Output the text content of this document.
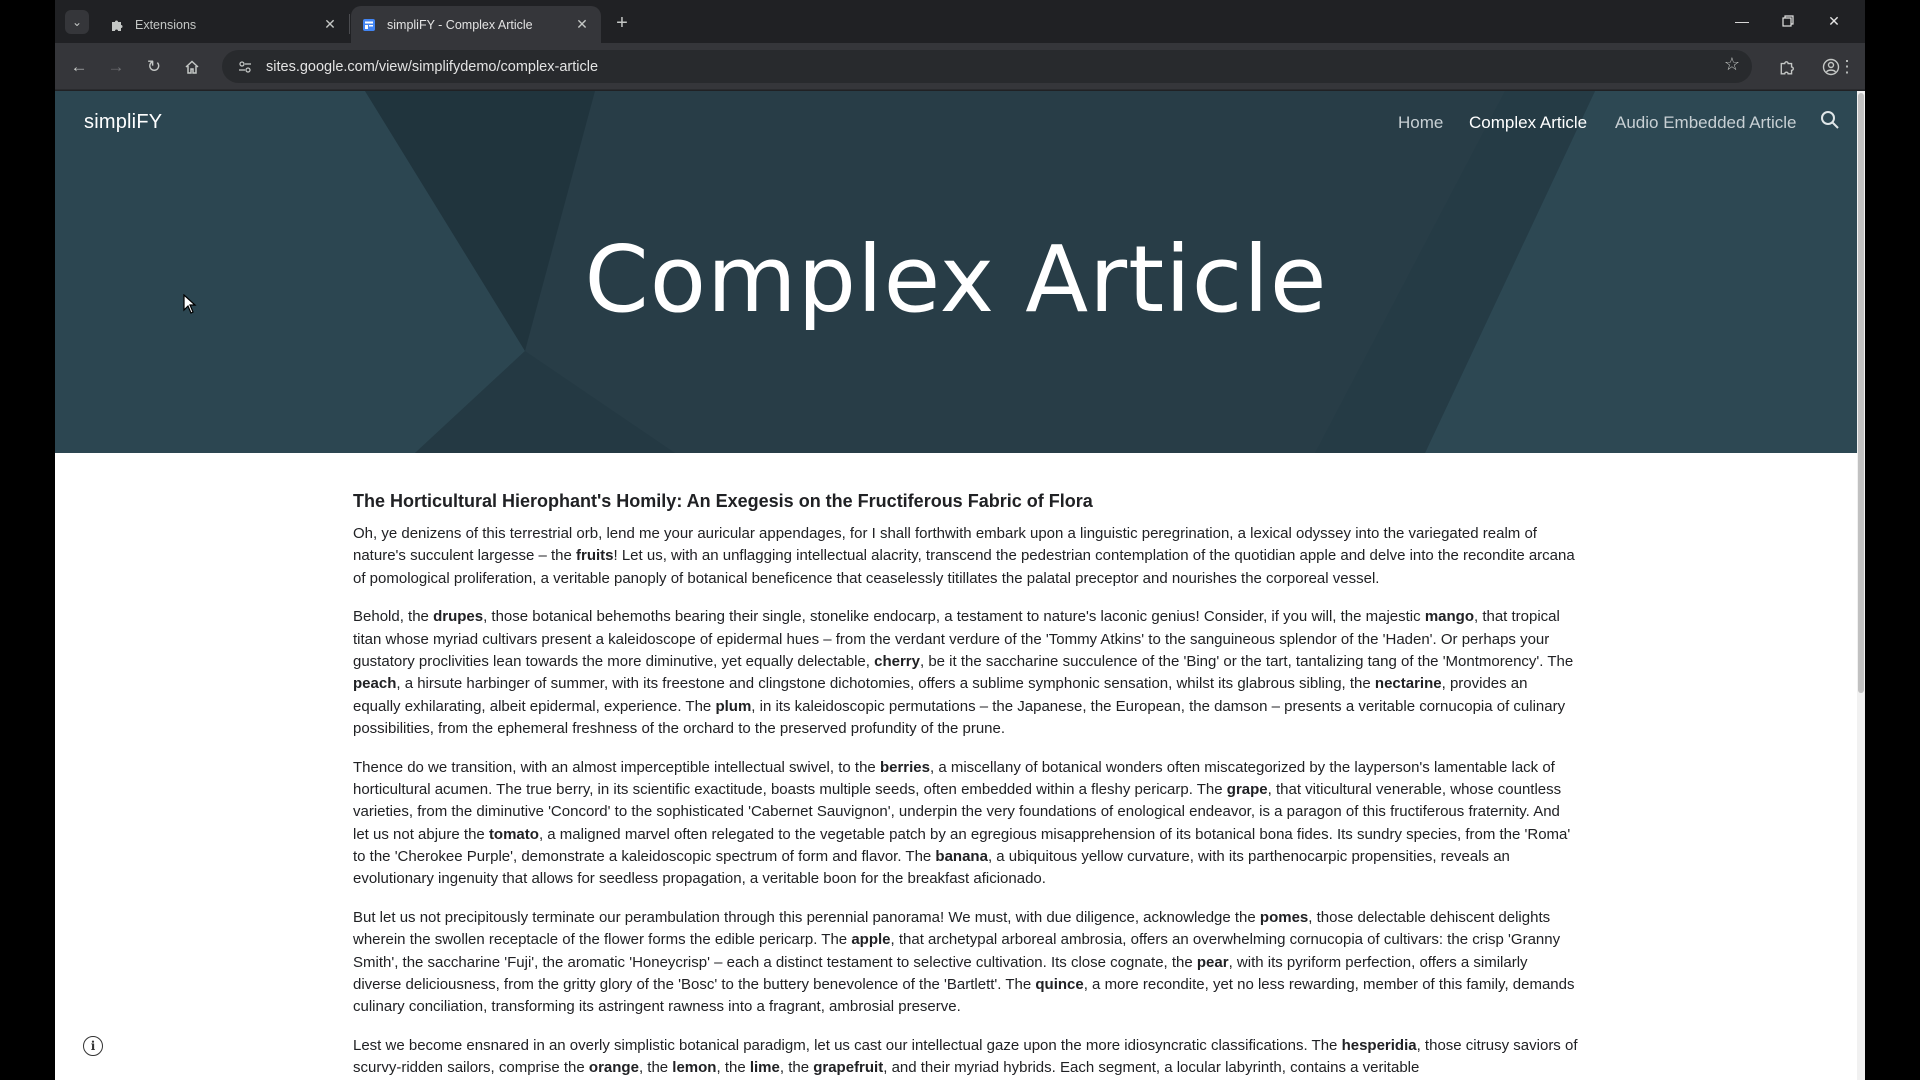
⌄	Extensions	✕	simpliFY - Complex Article	✕	+	—	✕
← → ↻	sites.google.com/view/simplifydemo/complex-article	☆	⋮
simpliFY	Home Complex Article Audio Embedded Article
Complex Article
The Horticultural Hierophant's Homily: An Exegesis on the Fructiferous Fabric of Flora

Oh, ye denizens of this terrestrial orb, lend me your auricular appendages, for I shall forthwith embark upon a linguistic peregrination, a lexical odyssey into the variegated realm of nature's succulent largesse – the fruits! Let us, with an unflagging intellectual alacrity, transcend the pedestrian contemplation of the quotidian apple and delve into the recondite arcana of pomological proliferation, a veritable panoply of botanical beneficence that ceaselessly titillates the palatal preceptor and nourishes the corporeal vessel.

Behold, the drupes, those botanical behemoths bearing their single, stonelike endocarp, a testament to nature's laconic genius! Consider, if you will, the majestic mango, that tropical titan whose myriad cultivars present a kaleidoscope of epidermal hues – from the verdant verdure of the 'Tommy Atkins' to the sanguineous splendor of the 'Haden'. Or perhaps your gustatory proclivities lean towards the more diminutive, yet equally delectable, cherry, be it the saccharine succulence of the 'Bing' or the tart, tantalizing tang of the 'Montmorency'. The peach, a hirsute harbinger of summer, with its freestone and clingstone dichotomies, offers a sublime symphonic sensation, whilst its glabrous sibling, the nectarine, provides an equally exhilarating, albeit epidermal, experience. The plum, in its kaleidoscopic permutations – the Japanese, the European, the damson – presents a veritable cornucopia of culinary possibilities, from the ephemeral freshness of the orchard to the preserved profundity of the prune.

Thence do we transition, with an almost imperceptible intellectual swivel, to the berries, a miscellany of botanical wonders often miscategorized by the layperson's lamentable lack of horticultural acumen. The true berry, in its scientific exactitude, boasts multiple seeds, often embedded within a fleshy pericarp. The grape, that viticultural venerable, whose countless varieties, from the diminutive 'Concord' to the sophisticated 'Cabernet Sauvignon', underpin the very foundations of enological endeavor, is a paragon of this fructiferous fraternity. And let us not abjure the tomato, a maligned marvel often relegated to the vegetable patch by an egregious misapprehension of its botanical bona fides. Its sundry species, from the 'Roma' to the 'Cherokee Purple', demonstrate a kaleidoscopic spectrum of form and flavor. The banana, a ubiquitous yellow curvature, with its parthenocarpic propensities, reveals an evolutionary ingenuity that allows for seedless propagation, a veritable boon for the breakfast aficionado.

But let us not precipitously terminate our perambulation through this perennial panorama! We must, with due diligence, acknowledge the pomes, those delectable dehiscent delights wherein the swollen receptacle of the flower forms the edible pericarp. The apple, that archetypal arboreal ambrosia, offers an overwhelming cornucopia of cultivars: the crisp 'Granny Smith', the saccharine 'Fuji', the aromatic 'Honeycrisp' – each a distinct testament to selective cultivation. Its close cognate, the pear, with its pyriform perfection, offers a similarly diverse deliciousness, from the gritty glory of the 'Bosc' to the buttery benevolence of the 'Bartlett'. The quince, a more recondite, yet no less rewarding, member of this family, demands culinary conciliation, transforming its astringent rawness into a fragrant, ambrosial preserve.

Lest we become ensnared in an overly simplistic botanical paradigm, let us cast our intellectual gaze upon the more idiosyncratic classifications. The hesperidia, those citrusy saviors of scurvy-ridden sailors, comprise the orange, the lemon, the lime, the grapefruit, and their myriad hybrids. Each segment, a locular labyrinth, contains a veritable

i
